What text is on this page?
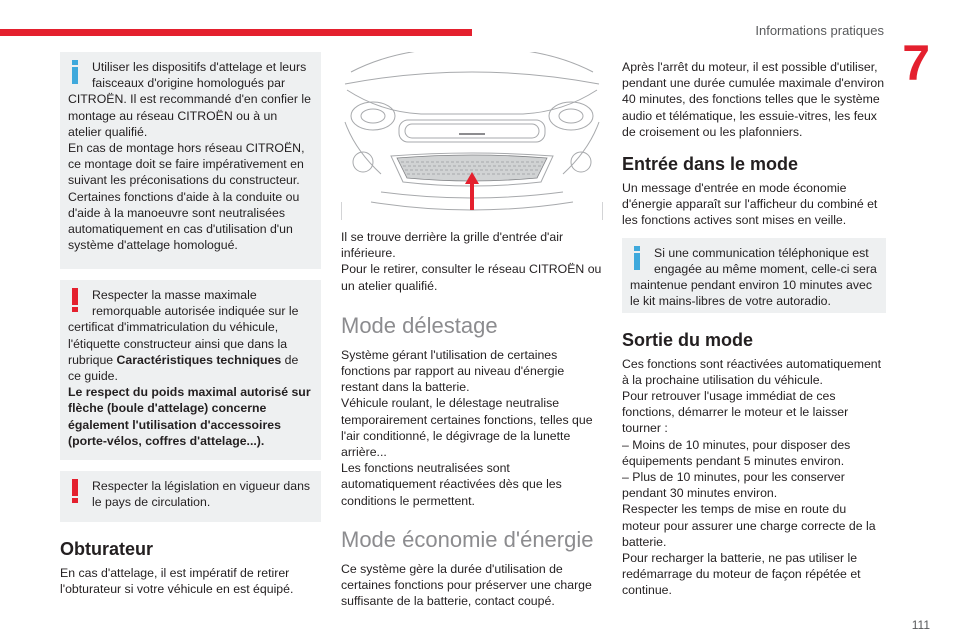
Informations pratiques
7

Utiliser les dispositifs d'attelage et leurs faisceaux d'origine homologués par

CITROËN. Il est recommandé d'en confier le montage au réseau CITROËN ou à un atelier qualifié.

En cas de montage hors réseau CITROËN, ce montage doit se faire impérativement en suivant les préconisations du constructeur.

Certaines fonctions d'aide à la conduite ou d'aide à la manoeuvre sont neutralisées automatiquement en cas d'utilisation d'un système d'attelage homologué.

Respecter la masse maximale remorquable autorisée indiquée sur le

certificat d'immatriculation du véhicule, l'étiquette constructeur ainsi que dans la rubrique Caractéristiques techniques de ce guide.

Le respect du poids maximal autorisé sur flèche (boule d'attelage) concerne également l'utilisation d'accessoires (porte-vélos, coffres d'attelage...).

Respecter la législation en vigueur dans le pays de circulation.

Obturateur

En cas d'attelage, il est impératif de retirer l'obturateur si votre véhicule en est équipé.

Il se trouve derrière la grille d'entrée d'air inférieure.

Pour le retirer, consulter le réseau CITROËN ou un atelier qualifié.

Mode délestage

Système gérant l'utilisation de certaines fonctions par rapport au niveau d'énergie restant dans la batterie.

Véhicule roulant, le délestage neutralise temporairement certaines fonctions, telles que l'air conditionné, le dégivrage de la lunette arrière...

Les fonctions neutralisées sont automatiquement réactivées dès que les conditions le permettent.

Mode économie d'énergie

Ce système gère la durée d'utilisation de certaines fonctions pour préserver une charge suffisante de la batterie, contact coupé.

Après l'arrêt du moteur, il est possible d'utiliser, pendant une durée cumulée maximale d'environ 40 minutes, des fonctions telles que le système audio et télématique, les essuie-vitres, les feux de croisement ou les plafonniers.

Entrée dans le mode

Un message d'entrée en mode économie d'énergie apparaît sur l'afficheur du combiné et les fonctions actives sont mises en veille.

Si une communication téléphonique est engagée au même moment, celle-ci sera

maintenue pendant environ 10 minutes avec le kit mains-libres de votre autoradio.

Sortie du mode

Ces fonctions sont réactivées automatiquement à la prochaine utilisation du véhicule.

Pour retrouver l'usage immédiat de ces fonctions, démarrer le moteur et le laisser tourner :

– Moins de 10 minutes, pour disposer des équipements pendant 5 minutes environ.

– Plus de 10 minutes, pour les conserver pendant 30 minutes environ.

Respecter les temps de mise en route du moteur pour assurer une charge correcte de la batterie.

Pour recharger la batterie, ne pas utiliser le redémarrage du moteur de façon répétée et continue.

111
